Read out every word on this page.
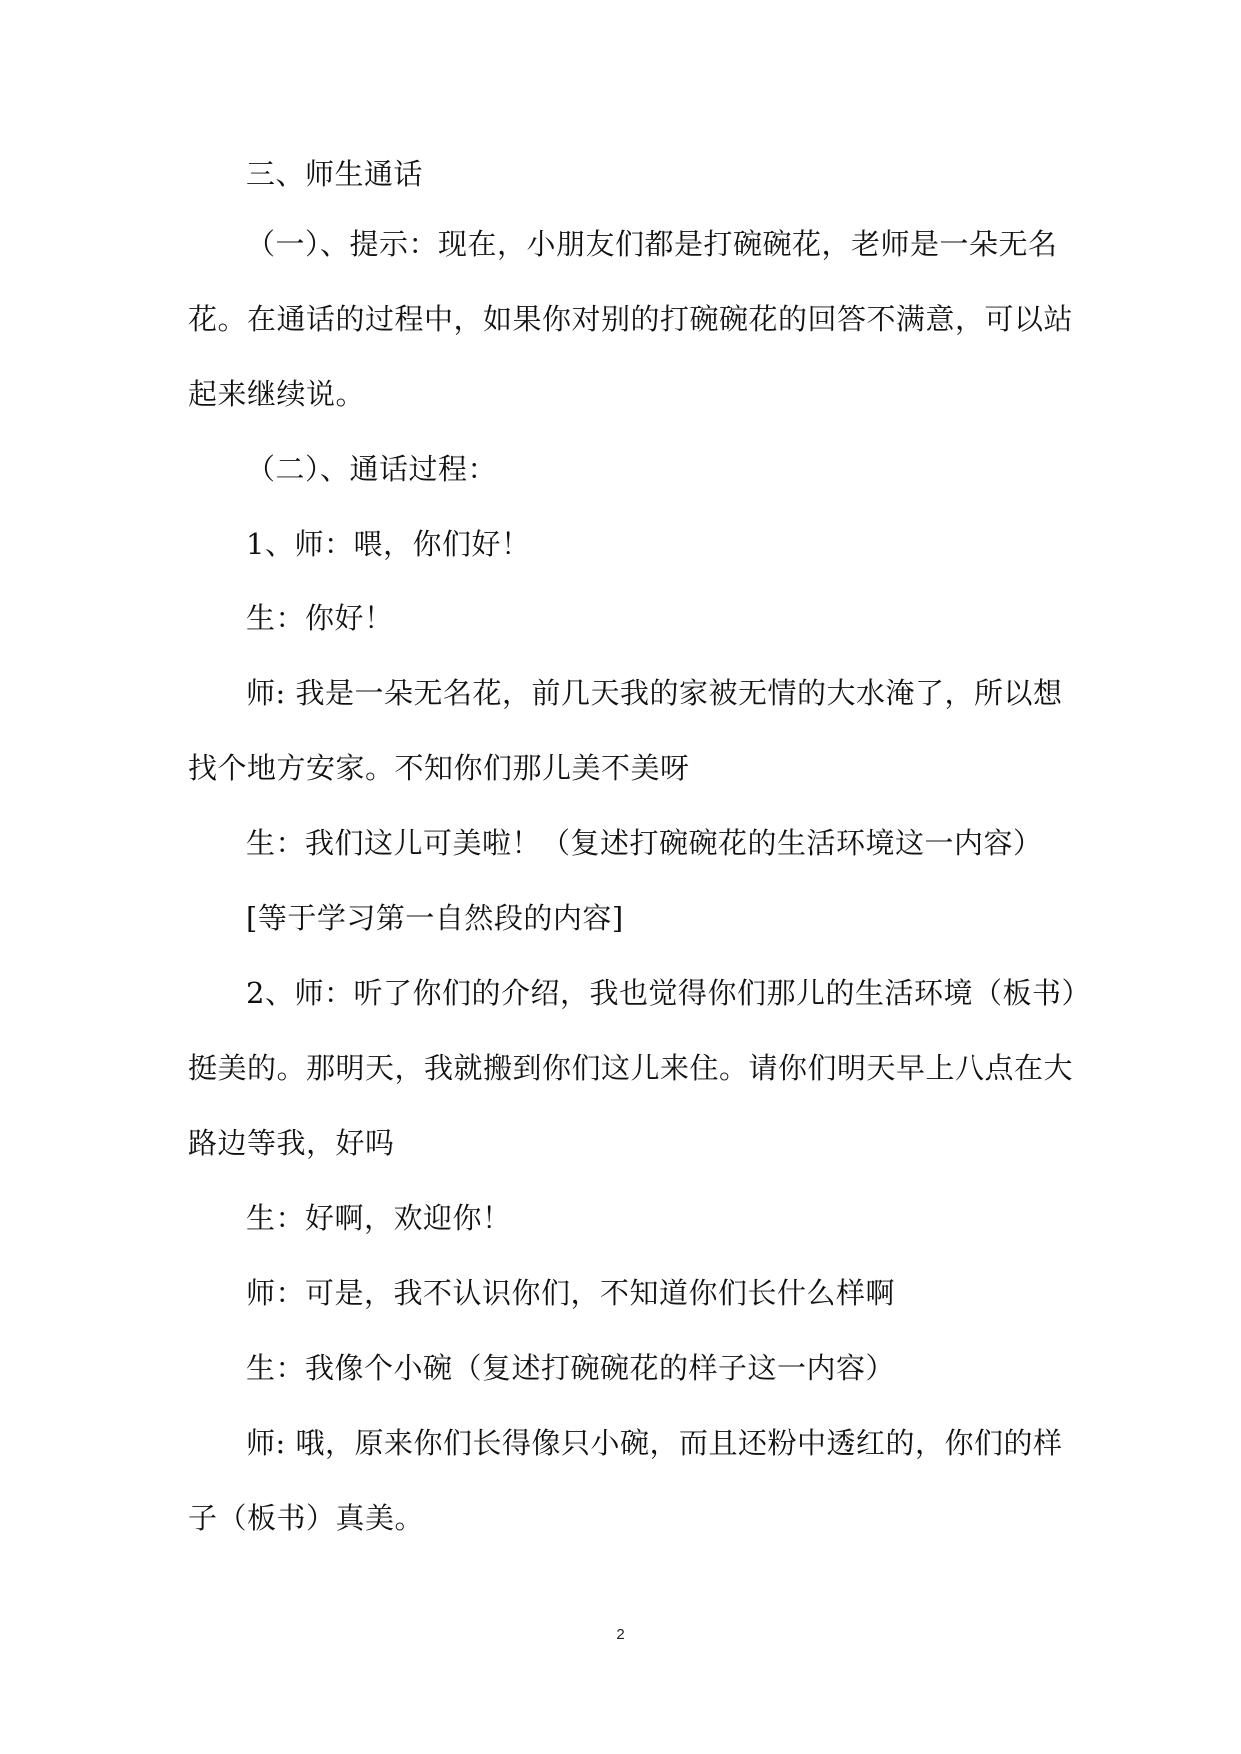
三、师生通话
（一）、提示：现在，小朋友们都是打碗碗花，老师是一朵无名
花。在通话的过程中，如果你对别的打碗碗花的回答不满意，可以站
起来继续说。
（二）、通话过程：
1、师：喂，你们好！
生：你好！
师: 我是一朵无名花，前几天我的家被无情的大水淹了，所以想
找个地方安家。不知你们那儿美不美呀
生：我们这儿可美啦！（复述打碗碗花的生活环境这一内容）
[等于学习第一自然段的内容]
2、师：听了你们的介绍，我也觉得你们那儿的生活环境（板书）
挺美的。那明天，我就搬到你们这儿来住。请你们明天早上八点在大
路边等我，好吗
生：好啊，欢迎你！
师：可是，我不认识你们，不知道你们长什么样啊
生：我像个小碗（复述打碗碗花的样子这一内容）
师: 哦，原来你们长得像只小碗，而且还粉中透红的，你们的样
子（板书）真美。
2
